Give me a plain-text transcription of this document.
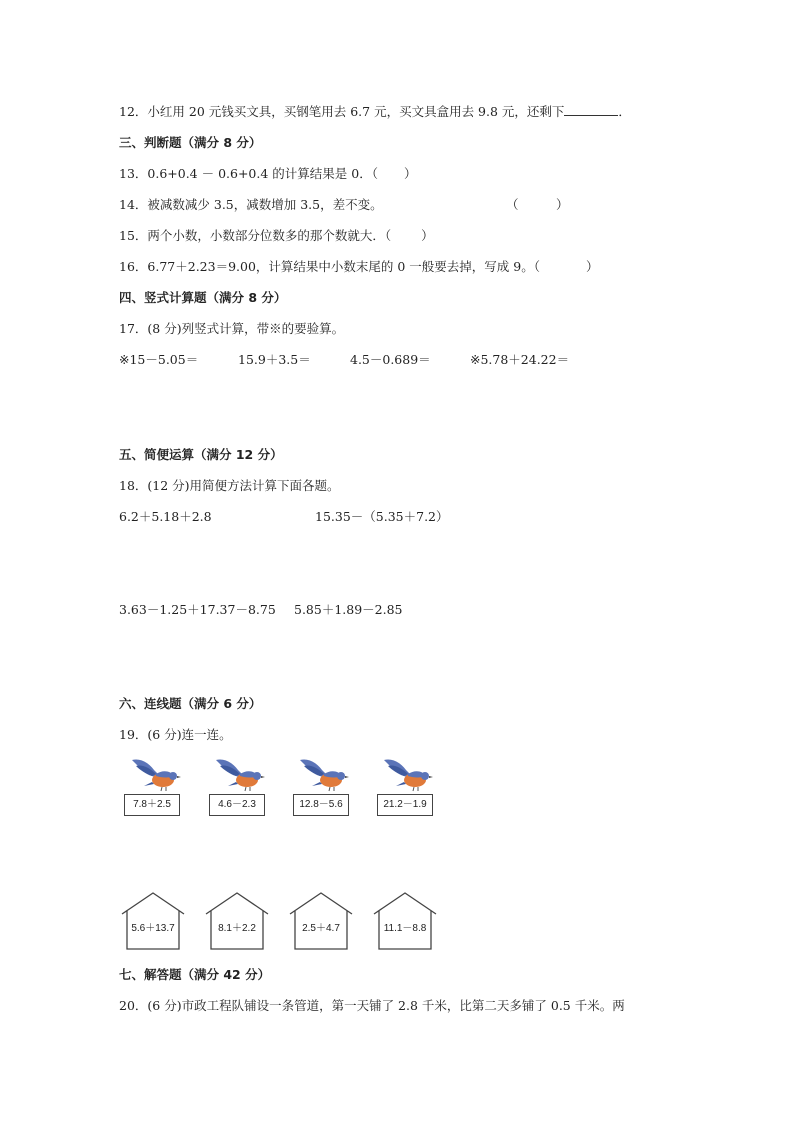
12．小红用 20 元钱买文具，买钢笔用去 6.7 元，买文具盒用去 9.8 元，还剩下	．
三、判断题（满分 8 分）
13．0.6+0.4 － 0.6+0.4 的计算结果是 0．（ ）
14．被减数减少 3.5，减数增加 3.5，差不变。	（　　　）
15．两个小数，小数部分位数多的那个数就大．（ ）
16．6.77＋2.23＝9.00，计算结果中小数末尾的 0 一般要去掉，写成 9。（	）
四、竖式计算题（满分 8 分）
17．(8 分)列竖式计算，带※的要验算。
※15－5.05＝	15.9＋3.5＝	4.5－0.689＝	※5.78＋24.22＝
五、简便运算（满分 12 分）
18．(12 分)用简便方法计算下面各题。
6.2＋5.18＋2.8	15.35－（5.35＋7.2）
3.63－1.25＋17.37－8.75 5.85＋1.89－2.85
六、连线题（满分 6 分）
19．(6 分)连一连。
7.8＋2.5	4.6－2.3	12.8－5.6	21.2－1.9
5.6＋13.7	8.1＋2.2	2.5＋4.7	11.1－8.8
七、解答题（满分 42 分）
20．(6 分)市政工程队铺设一条管道，第一天铺了 2.8 千米，比第二天多铺了 0.5 千米。两
